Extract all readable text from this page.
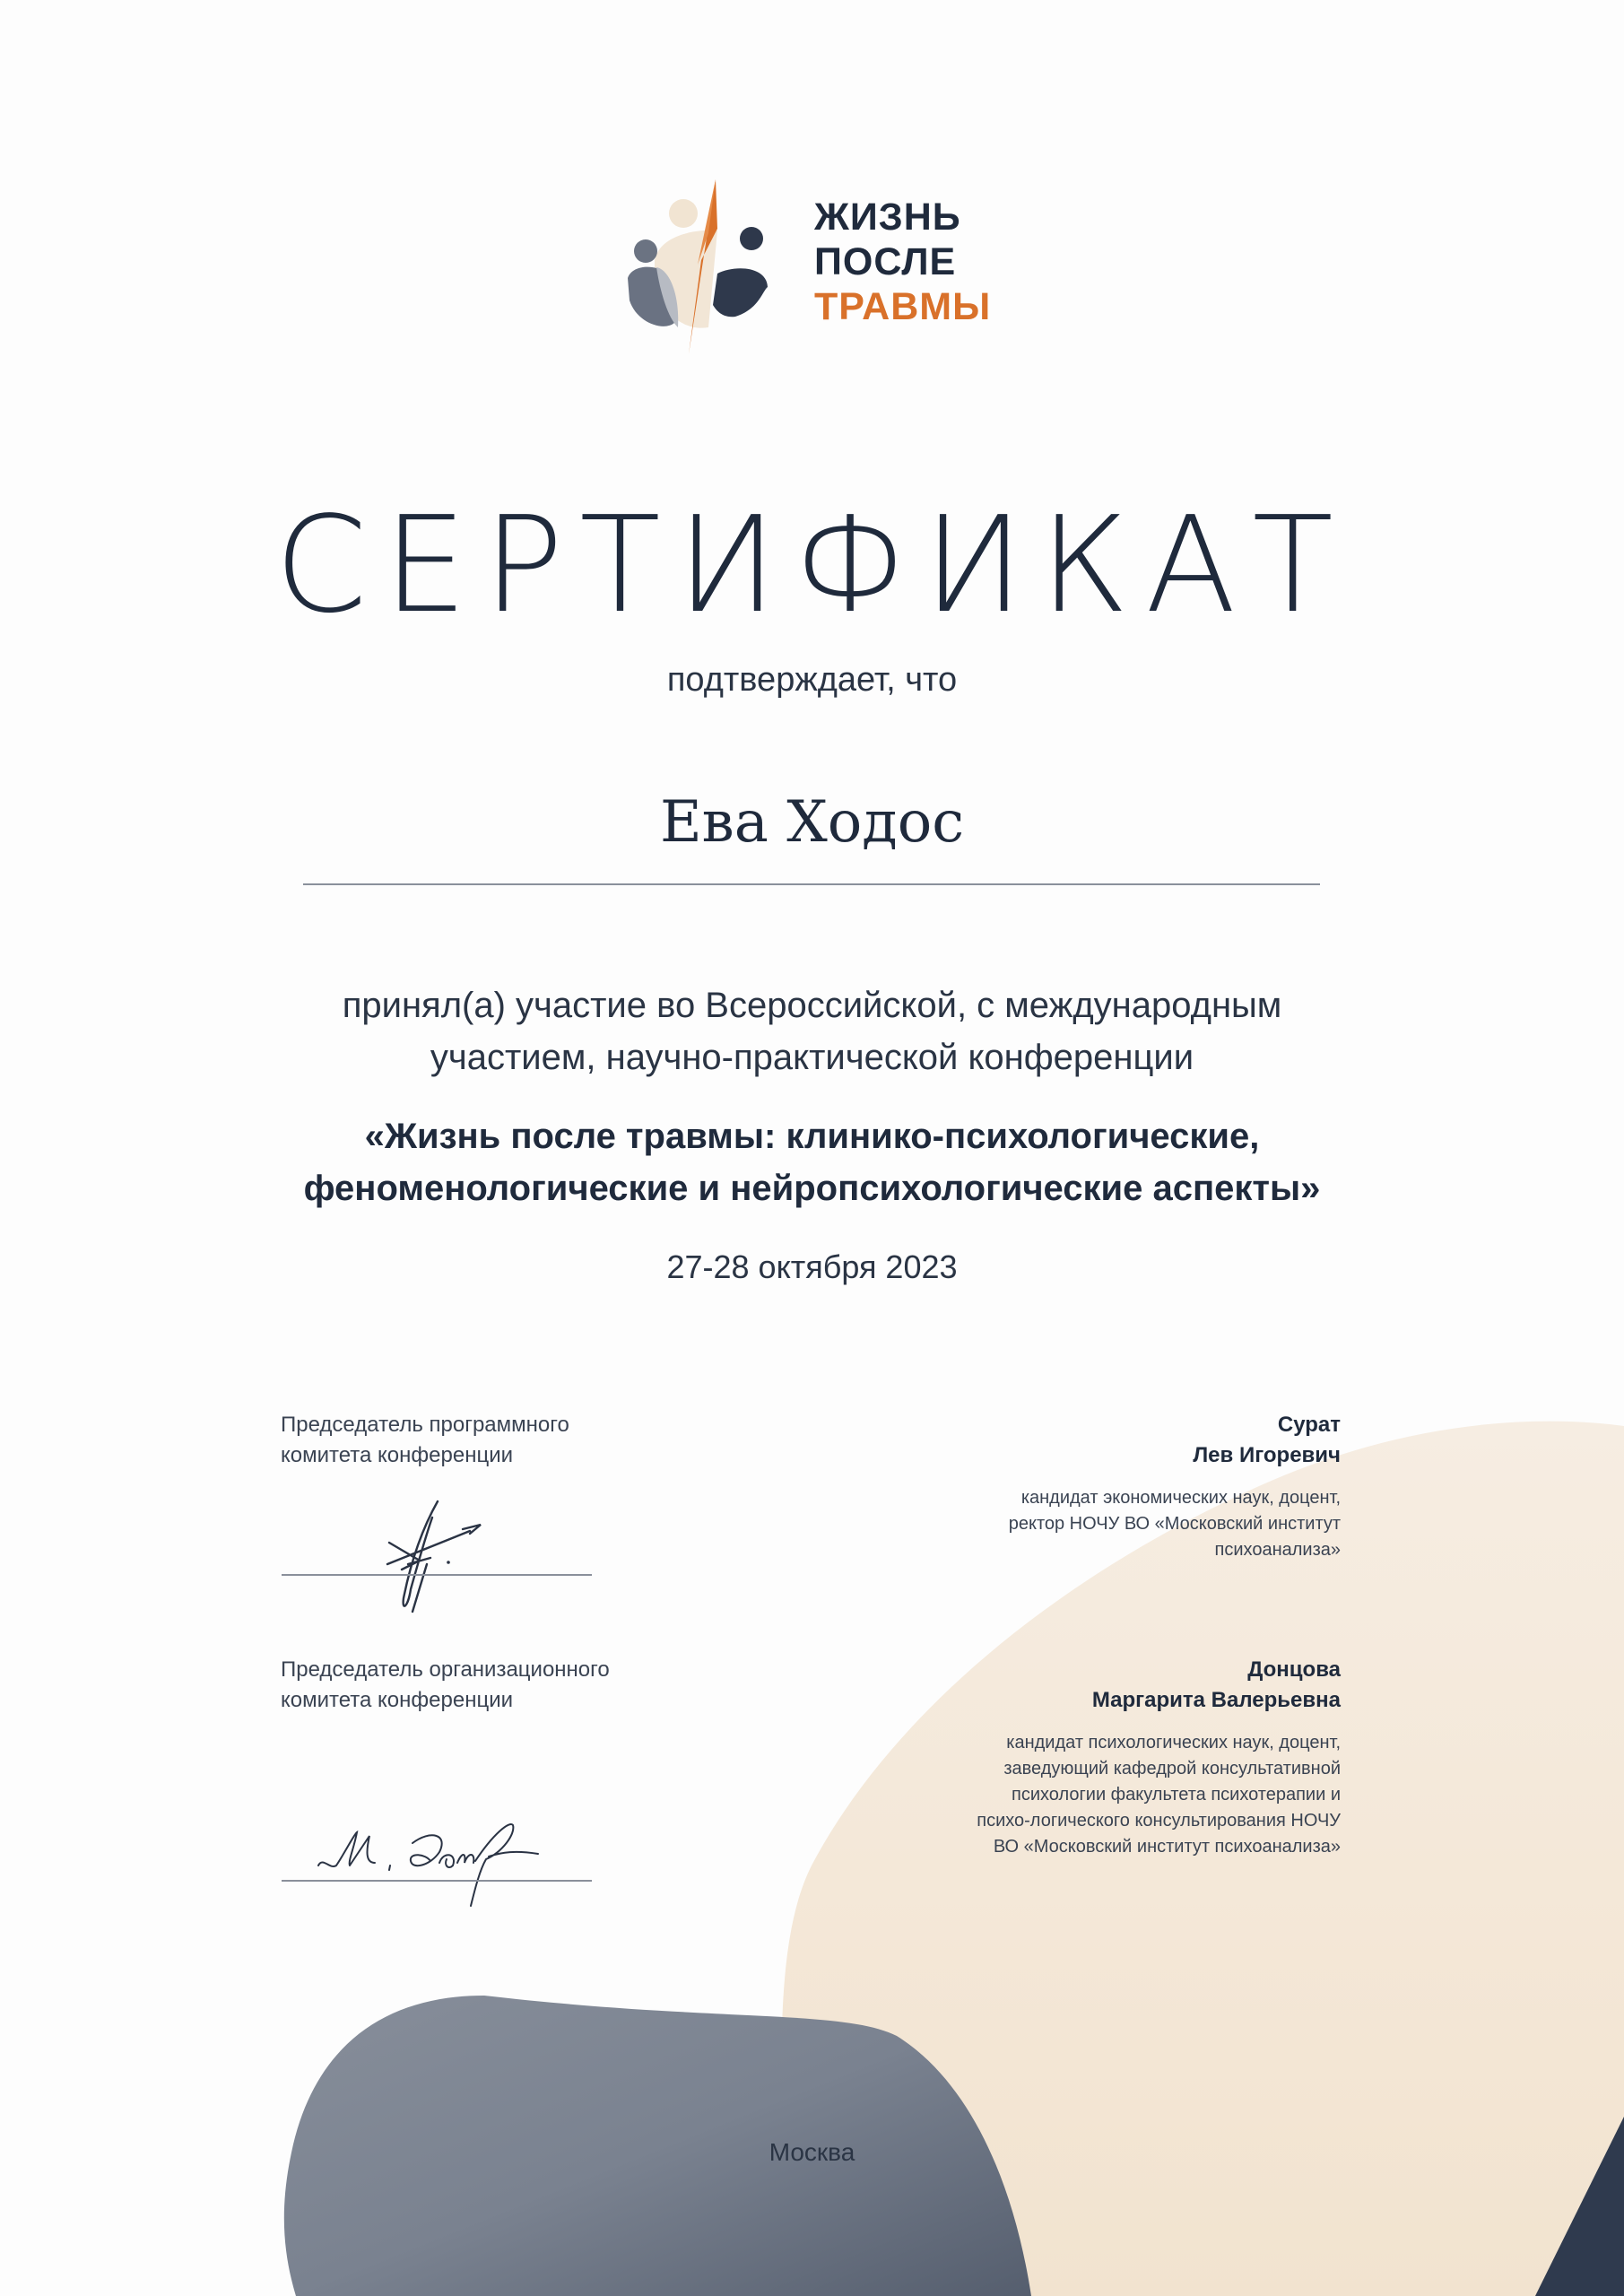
ЖИЗНЬ
ПОСЛЕ
ТРАВМЫ
СЕРТИФИКАТ
подтверждает, что
Ева Ходос
принял(а) участие во Всероссийской, с международным
участием, научно-практической конференции
«Жизнь после травмы: клинико-психологические,
феноменологические и нейропсихологические аспекты»
27-28 октября 2023
Председатель программного
комитета конференции
Сурат
Лев Игоревич
кандидат экономических наук, доцент,
ректор НОЧУ ВО «Московский институт
психоанализа»
Председатель организационного
комитета конференции
Донцова
Маргарита Валерьевна
кандидат психологических наук, доцент,
заведующий кафедрой консультативной
психологии факультета психотерапии и
психо-логического консультирования НОЧУ
ВО «Московский институт психоанализа»
Москва
